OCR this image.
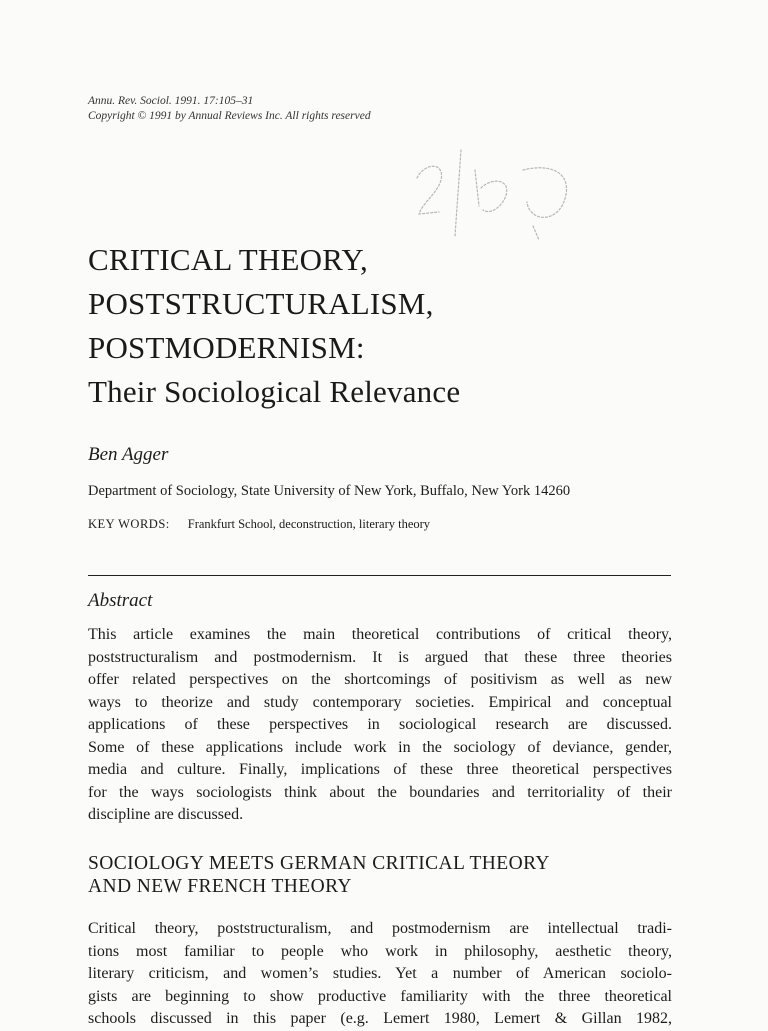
Annu. Rev. Sociol. 1991. 17:105–31
Copyright © 1991 by Annual Reviews Inc. All rights reserved
CRITICAL THEORY,
POSTSTRUCTURALISM,
POSTMODERNISM:
Their Sociological Relevance
Ben Agger
Department of Sociology, State University of New York, Buffalo, New York 14260
KEY WORDS: Frankfurt School, deconstruction, literary theory
Abstract
This article examines the main theoretical contributions of critical theory,
poststructuralism and postmodernism. It is argued that these three theories
offer related perspectives on the shortcomings of positivism as well as new
ways to theorize and study contemporary societies. Empirical and conceptual
applications of these perspectives in sociological research are discussed.
Some of these applications include work in the sociology of deviance, gender,
media and culture. Finally, implications of these three theoretical perspectives
for the ways sociologists think about the boundaries and territoriality of their
discipline are discussed.
SOCIOLOGY MEETS GERMAN CRITICAL THEORY
AND NEW FRENCH THEORY
Critical theory, poststructuralism, and postmodernism are intellectual tradi-
tions most familiar to people who work in philosophy, aesthetic theory,
literary criticism, and women’s studies. Yet a number of American sociolo-
gists are beginning to show productive familiarity with the three theoretical
schools discussed in this paper (e.g. Lemert 1980, Lemert & Gillan 1982,
